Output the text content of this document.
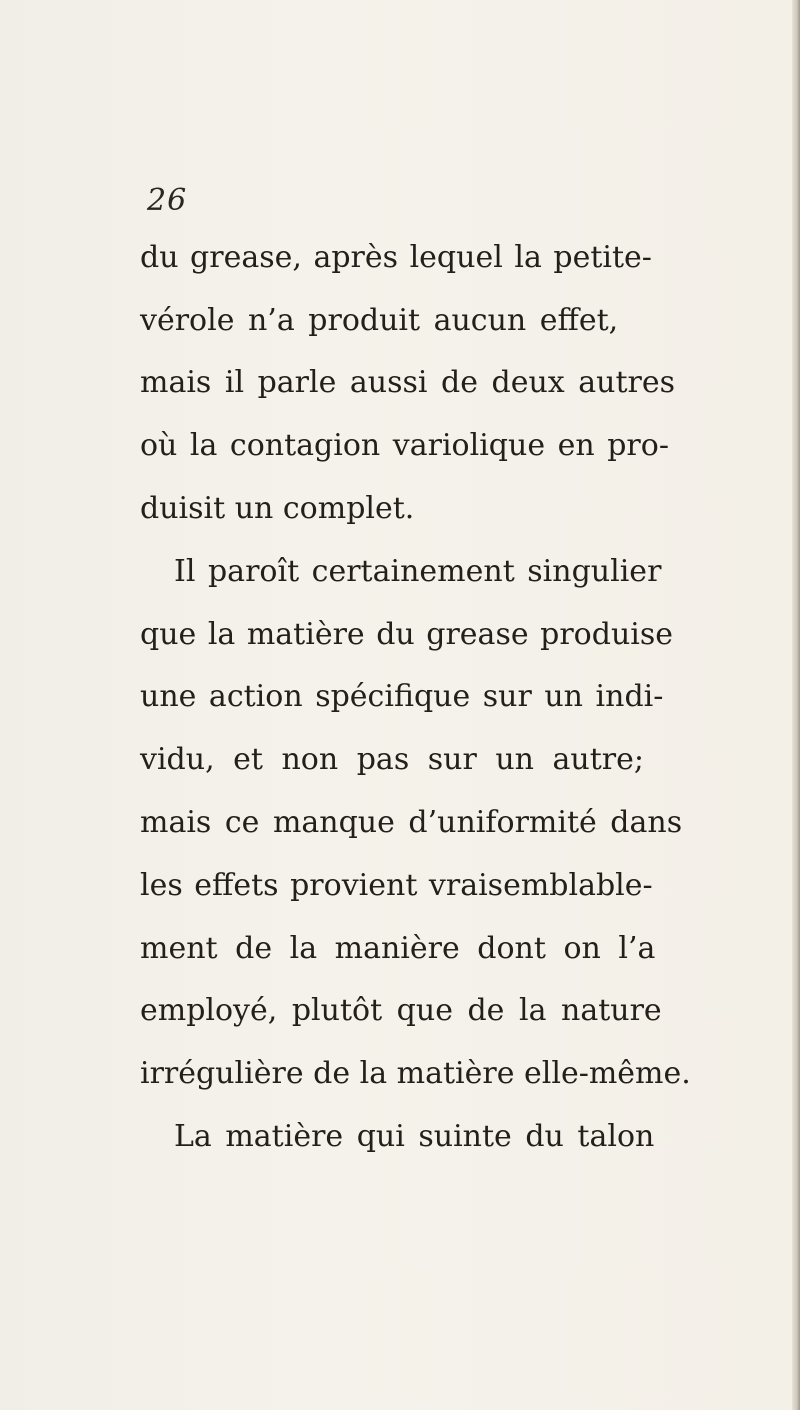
26
du grease, après lequel la petite-
vérole n’a produit aucun effet,
mais il parle aussi de deux autres
où la contagion variolique en pro-
duisit un complet.
Il paroît certainement singulier
que la matière du grease produise
une action spécifique sur un indi-
vidu, et non pas sur un autre;
mais ce manque d’uniformité dans
les effets provient vraisemblable-
ment de la manière dont on l’a
employé, plutôt que de la nature
irrégulière de la matière elle-même.
La matière qui suinte du talon
